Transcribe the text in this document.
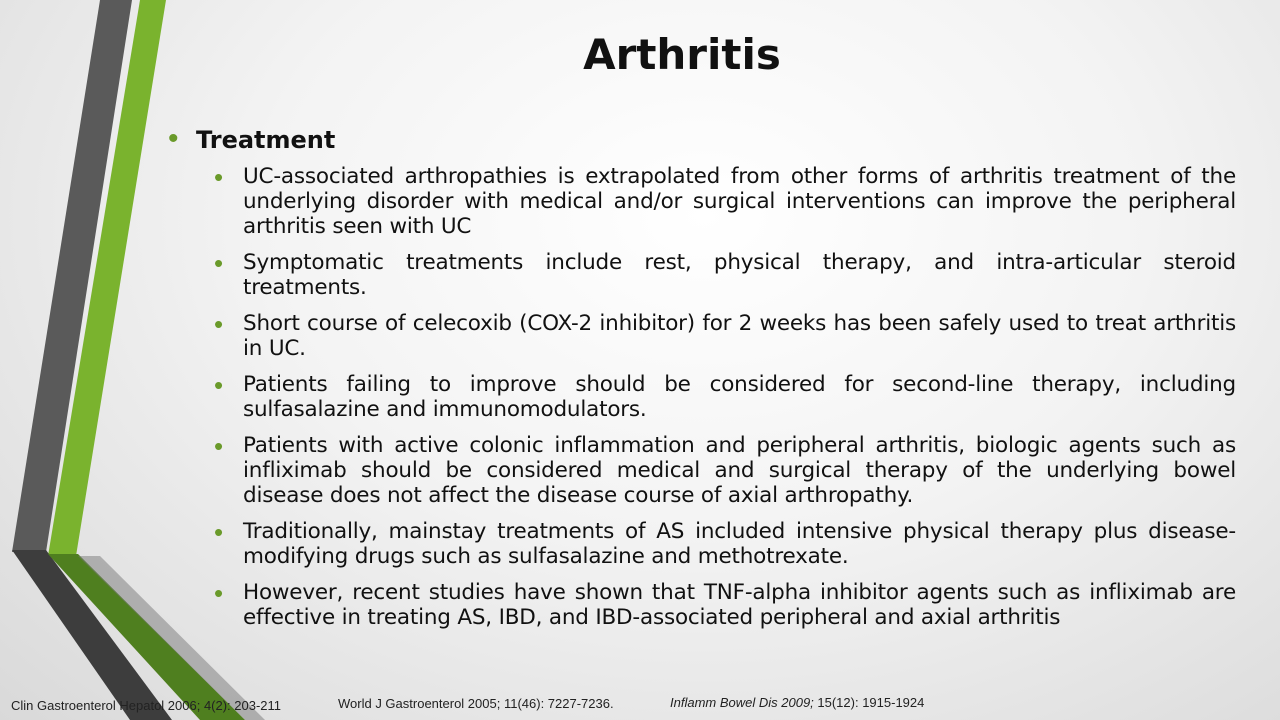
Arthritis
• Treatment
• UC-associated arthropathies is extrapolated from other forms of arthritis treatment of the underlying disorder with medical and/or surgical interventions can improve the peripheral arthritis seen with UC
• Symptomatic treatments include rest, physical therapy, and intra-articular steroid treatments.
• Short course of celecoxib (COX-2 inhibitor) for 2 weeks has been safely used to treat arthritis in UC.
• Patients failing to improve should be considered for second-line therapy, including sulfasalazine and immunomodulators.
• Patients with active colonic inflammation and peripheral arthritis, biologic agents such as infliximab should be considered medical and surgical therapy of the underlying bowel disease does not affect the disease course of axial arthropathy.
• Traditionally, mainstay treatments of AS included intensive physical therapy plus disease-modifying drugs such as sulfasalazine and methotrexate.
• However, recent studies have shown that TNF-alpha inhibitor agents such as infliximab are effective in treating AS, IBD, and IBD-associated peripheral and axial arthritis
Clin Gastroenterol Hepatol 2006; 4(2): 203-211	World J Gastroenterol 2005; 11(46): 7227-7236.	Inflamm Bowel Dis 2009; 15(12): 1915-1924
